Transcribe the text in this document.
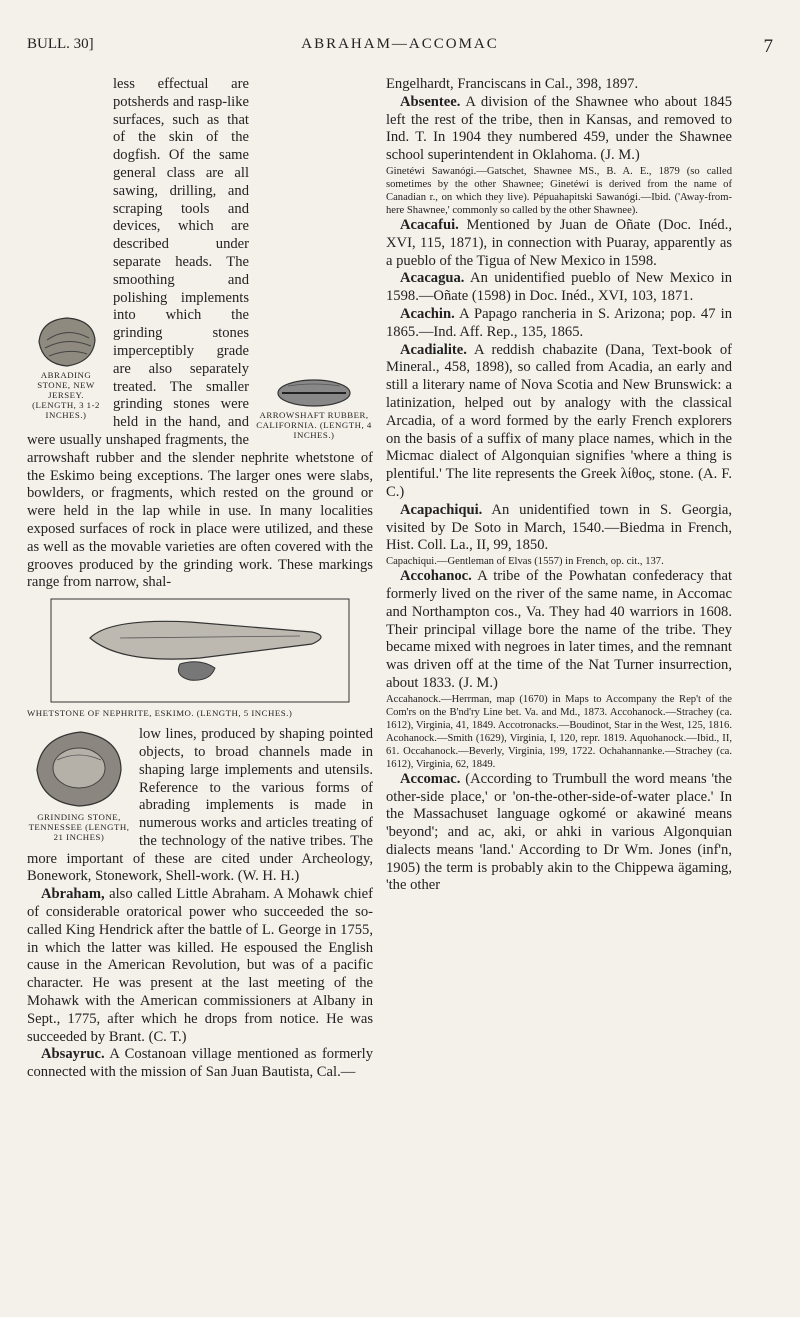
BULL. 30]	ABRAHAM—ACCOMAC	7
ABRADING STONE, NEW JERSEY. (LENGTH, 3 1-2 INCHES.)	ARROWSHAFT RUBBER, CALIFORNIA. (LENGTH, 4 INCHES.)

less effectual are potsherds and rasp-like surfaces, such as that of the skin of the dogfish. Of the same general class are all sawing, drilling, and scraping tools and devices, which are described under separate heads. The smoothing and polishing implements into which the grinding stones imperceptibly grade are also separately treated. The smaller grinding stones were held in the hand, and were usually unshaped fragments, the arrowshaft rubber and the slender nephrite whetstone of the Eskimo being exceptions. The larger ones were slabs, bowlders, or fragments, which rested on the ground or were held in the lap while in use. In many localities exposed surfaces of rock in place were utilized, and these as well as the movable varieties are often covered with the grooves produced by the grinding work. These markings range from narrow, shal-

WHETSTONE OF NEPHRITE, ESKIMO. (LENGTH, 5 INCHES.)
GRINDING STONE, TENNESSEE (LENGTH, 21 INCHES)

low lines, produced by shaping pointed objects, to broad channels made in shaping large implements and utensils. Reference to the various forms of abrading implements is made in numerous works and articles treating of the technology of the native tribes. The more important of these are cited under Archeology, Bonework, Stonework, Shell-work. (W. H. H.)

Abraham, also called Little Abraham. A Mohawk chief of considerable oratorical power who succeeded the so-called King Hendrick after the battle of L. George in 1755, in which the latter was killed. He espoused the English cause in the American Revolution, but was of a pacific character. He was present at the last meeting of the Mohawk with the American commissioners at Albany in Sept., 1775, after which he drops from notice. He was succeeded by Brant. (C. T.)

Absayruc. A Costanoan village mentioned as formerly connected with the mission of San Juan Bautista, Cal.—

Engelhardt, Franciscans in Cal., 398, 1897.

Absentee. A division of the Shawnee who about 1845 left the rest of the tribe, then in Kansas, and removed to Ind. T. In 1904 they numbered 459, under the Shawnee school superintendent in Oklahoma. (J. M.)

Ginetéwi Sawanógi.—Gatschet, Shawnee MS., B. A. E., 1879 (so called sometimes by the other Shawnee; Ginetéwi is derived from the name of Canadian r., on which they live). Pépuahapitski Sawanógi.—Ibid. ('Away-from-here Shawnee,' commonly so called by the other Shawnee).

Acacafui. Mentioned by Juan de Oñate (Doc. Inéd., XVI, 115, 1871), in connection with Puaray, apparently as a pueblo of the Tigua of New Mexico in 1598.

Acacagua. An unidentified pueblo of New Mexico in 1598.—Oñate (1598) in Doc. Inéd., XVI, 103, 1871.

Acachin. A Papago rancheria in S. Arizona; pop. 47 in 1865.—Ind. Aff. Rep., 135, 1865.

Acadialite. A reddish chabazite (Dana, Text-book of Mineral., 458, 1898), so called from Acadia, an early and still a literary name of Nova Scotia and New Brunswick: a latinization, helped out by analogy with the classical Arcadia, of a word formed by the early French explorers on the basis of a suffix of many place names, which in the Micmac dialect of Algonquian signifies 'where a thing is plentiful.' The lite represents the Greek λίθος, stone. (A. F. C.)

Acapachiqui. An unidentified town in S. Georgia, visited by De Soto in March, 1540.—Biedma in French, Hist. Coll. La., II, 99, 1850.

Capachiqui.—Gentleman of Elvas (1557) in French, op. cit., 137.

Accohanoc. A tribe of the Powhatan confederacy that formerly lived on the river of the same name, in Accomac and Northampton cos., Va. They had 40 warriors in 1608. Their principal village bore the name of the tribe. They became mixed with negroes in later times, and the remnant was driven off at the time of the Nat Turner insurrection, about 1833. (J. M.)

Accahanock.—Herrman, map (1670) in Maps to Accompany the Rep't of the Com'rs on the B'nd'ry Line bet. Va. and Md., 1873. Accohanock.—Strachey (ca. 1612), Virginia, 41, 1849. Accotronacks.—Boudinot, Star in the West, 125, 1816. Acohanock.—Smith (1629), Virginia, I, 120, repr. 1819. Aquohanock.—Ibid., II, 61. Occahanock.—Beverly, Virginia, 199, 1722. Ochahannanke.—Strachey (ca. 1612), Virginia, 62, 1849.

Accomac. (According to Trumbull the word means 'the other-side place,' or 'on-the-other-side-of-water place.' In the Massachuset language ogkomé or akawiné means 'beyond'; and ac, aki, or ahki in various Algonquian dialects means 'land.' According to Dr Wm. Jones (inf'n, 1905) the term is probably akin to the Chippewa ägaming, 'the other
